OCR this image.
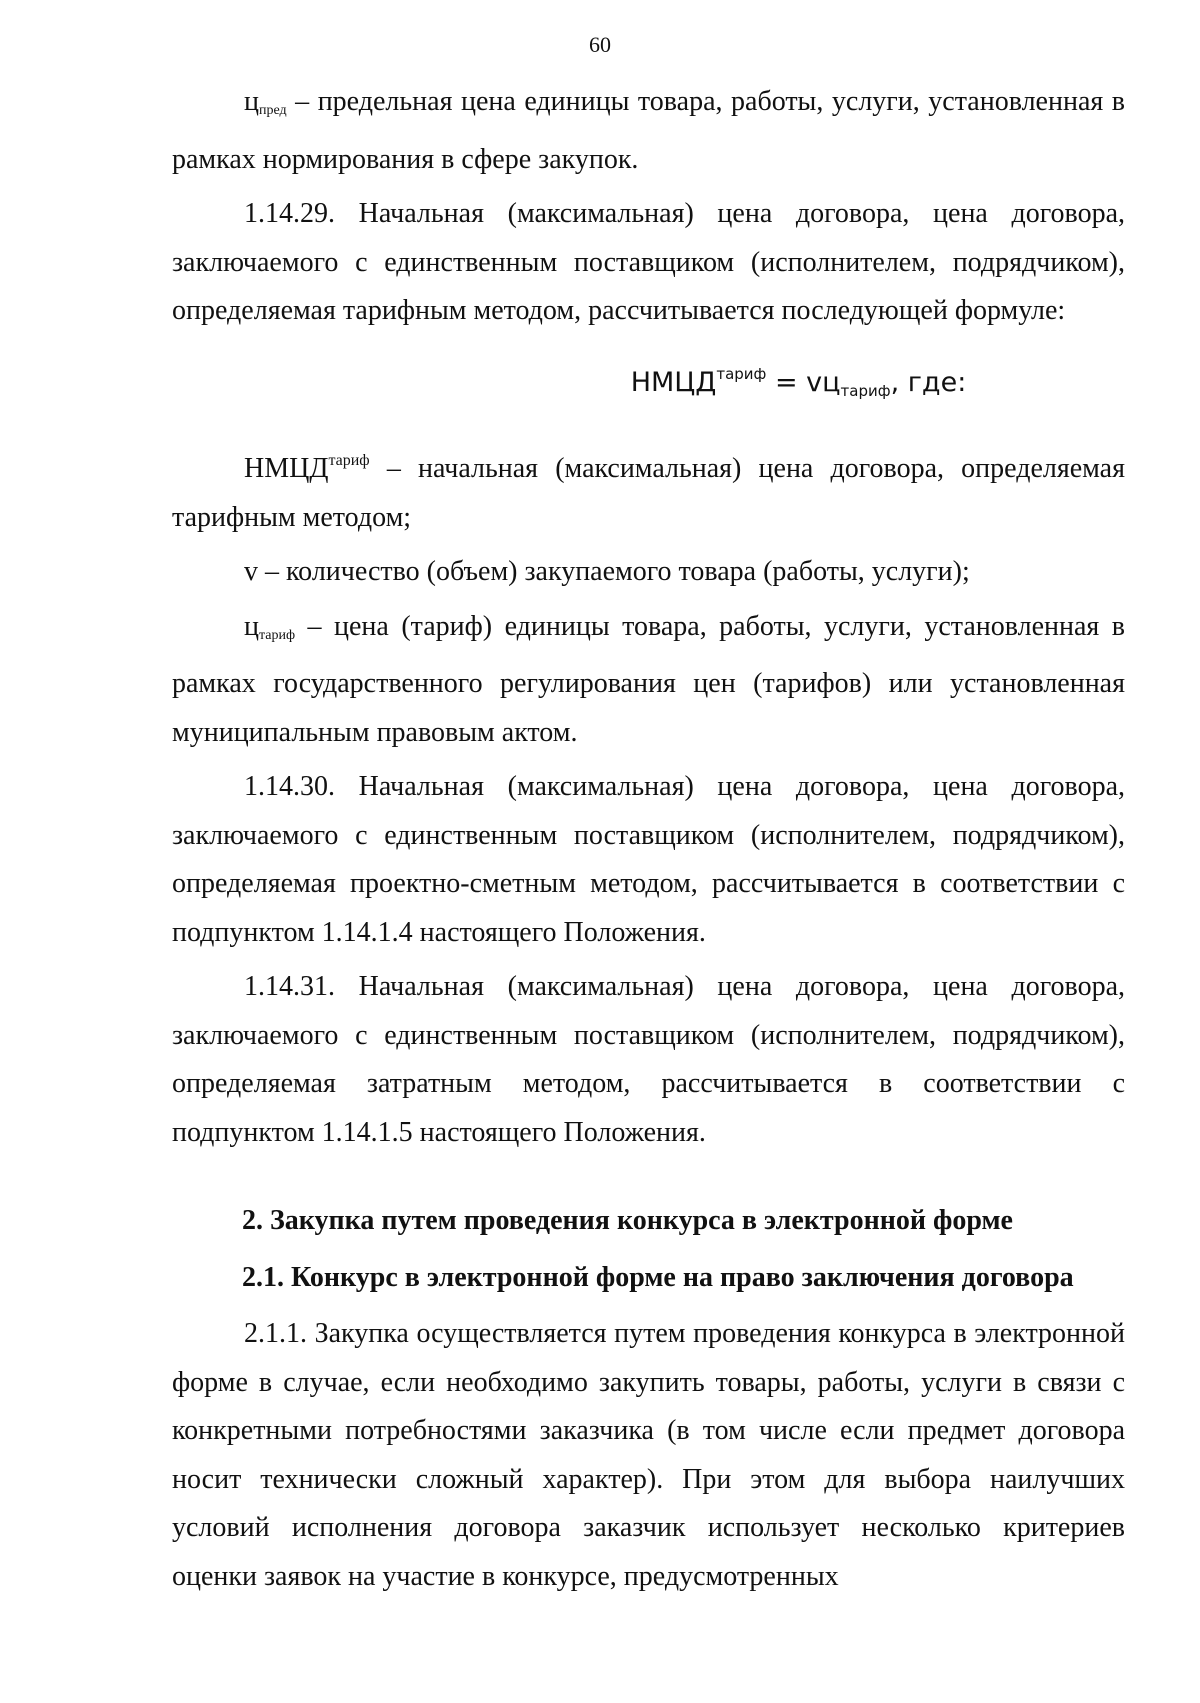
60

$ц_{пред}$ – предельная цена единицы товара, работы, услуги, установленная в рамках нормирования в сфере закупок.

1.14.29. Начальная (максимальная) цена договора, цена договора, заключаемого с единственным поставщиком (исполнителем, подрядчиком), определяемая тарифным методом, рассчитывается последующей формуле:

$НМЦД^{тариф} = vц_{тариф}$, где:

$НМЦД^{тариф}$ – начальная (максимальная) цена договора, определяемая тарифным методом;

v – количество (объем) закупаемого товара (работы, услуги);

$ц_{тариф}$ – цена (тариф) единицы товара, работы, услуги, установленная в рамках государственного регулирования цен (тарифов) или установленная муниципальным правовым актом.

1.14.30. Начальная (максимальная) цена договора, цена договора, заключаемого с единственным поставщиком (исполнителем, подрядчиком), определяемая проектно-сметным методом, рассчитывается в соответствии с подпунктом 1.14.1.4 настоящего Положения.

1.14.31. Начальная (максимальная) цена договора, цена договора, заключаемого с единственным поставщиком (исполнителем, подрядчиком), определяемая затратным методом, рассчитывается в соответствии с подпунктом 1.14.1.5 настоящего Положения.

2. Закупка путем проведения конкурса в электронной форме

2.1. Конкурс в электронной форме на право заключения договора

2.1.1. Закупка осуществляется путем проведения конкурса в электронной форме в случае, если необходимо закупить товары, работы, услуги в связи с конкретными потребностями заказчика (в том числе если предмет договора носит технически сложный характер). При этом для выбора наилучших условий исполнения договора заказчик использует несколько критериев оценки заявок на участие в конкурсе, предусмотренных
